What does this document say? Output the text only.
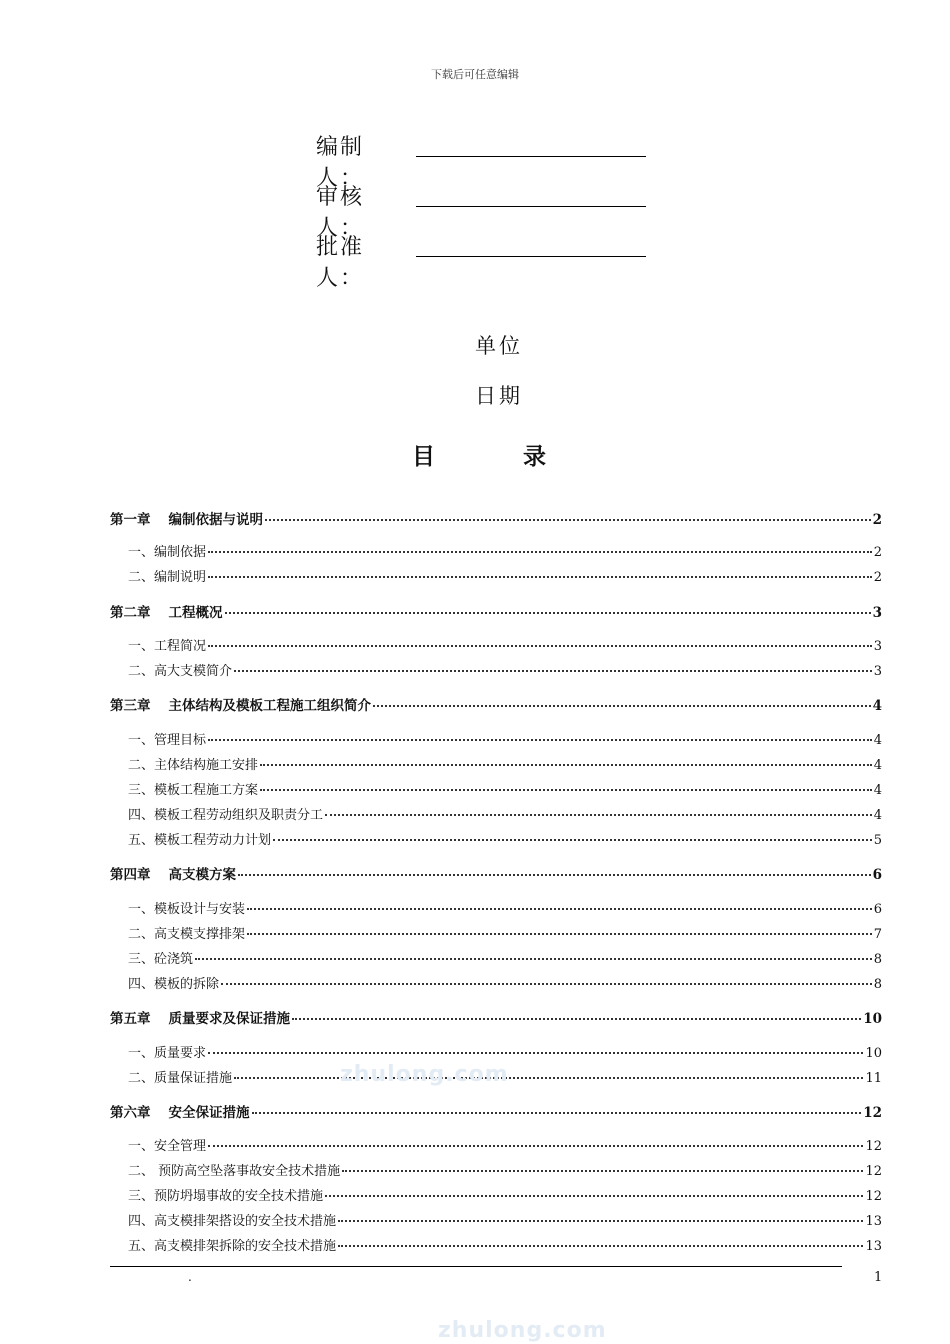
下载后可任意编辑
编制人：
审核人：
批准人：
单位
日期
目 录
第一章 编制依据与说明	2
一、编制依据	2
二、编制说明	2
第二章 工程概况	3
一、工程简况	3
二、高大支模简介	3
第三章 主体结构及模板工程施工组织简介	4
一、管理目标	4
二、主体结构施工安排	4
三、模板工程施工方案	4
四、模板工程劳动组织及职责分工	4
五、模板工程劳动力计划	5
第四章 高支模方案	6
一、模板设计与安装	6
二、高支模支撑排架	7
三、砼浇筑	8
四、模板的拆除	8
第五章 质量要求及保证措施	10
一、质量要求	10
二、质量保证措施	11
第六章 安全保证措施	12
一、安全管理	12
二、 预防高空坠落事故安全技术措施	12
三、预防坍塌事故的安全技术措施	12
四、高支模排架搭设的安全技术措施	13
五、高支模排架拆除的安全技术措施	13
zhulong.com
zhulong.com
.	1
